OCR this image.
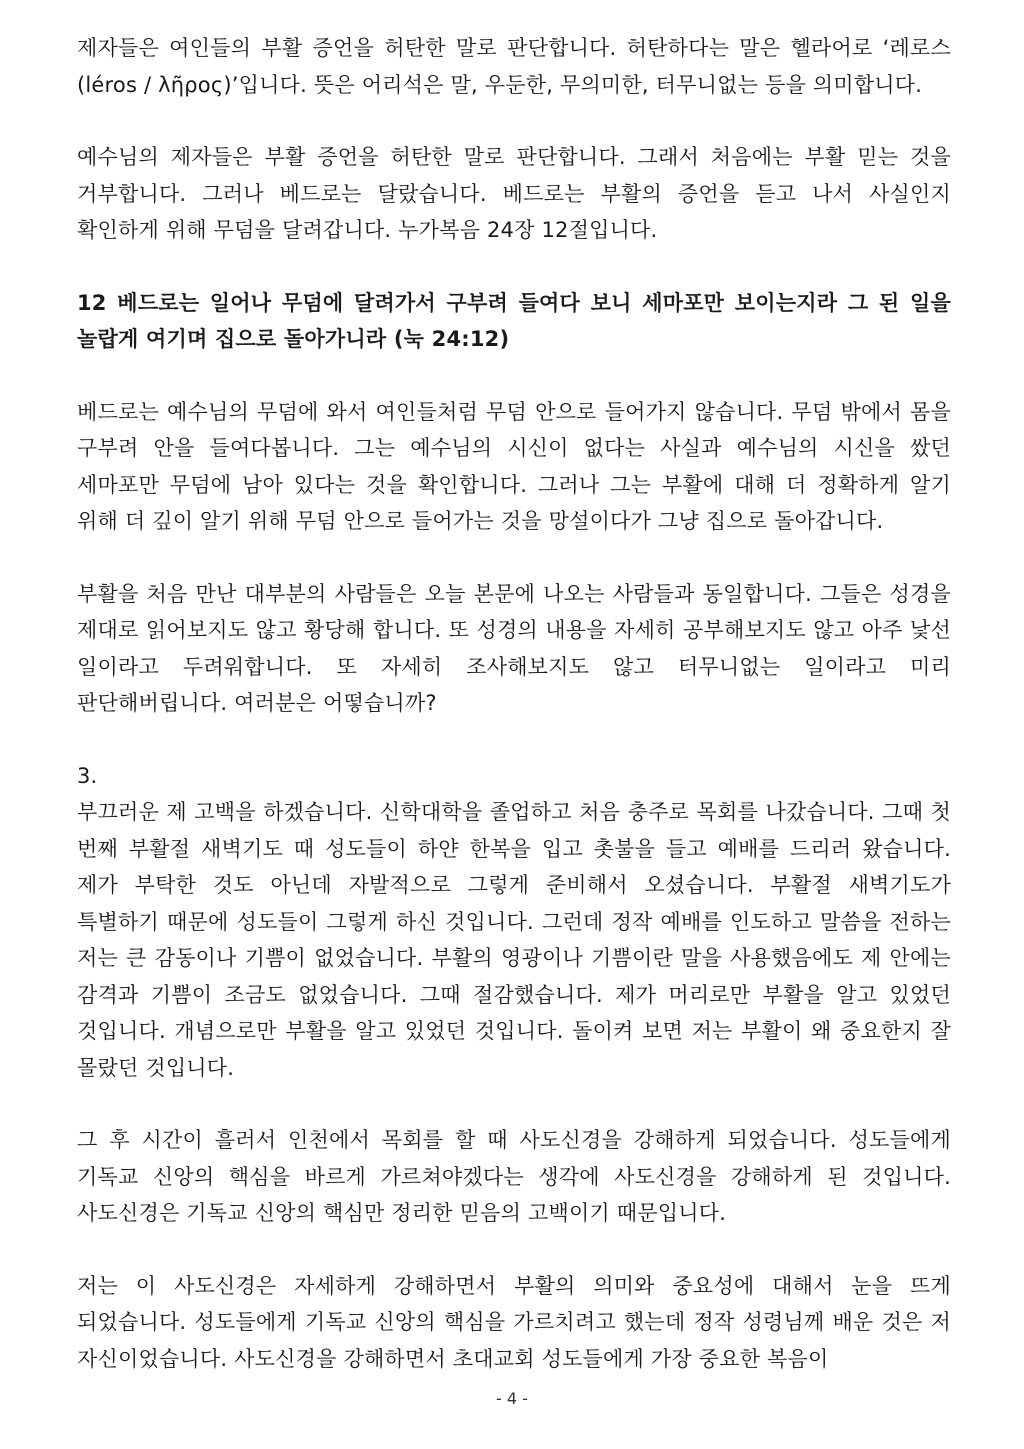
제자들은 여인들의 부활 증언을 허탄한 말로 판단합니다. 허탄하다는 말은 헬라어로 ‘레로스(léros / λῆρος)’입니다. 뜻은 어리석은 말, 우둔한, 무의미한, 터무니없는 등을 의미합니다.

예수님의 제자들은 부활 증언을 허탄한 말로 판단합니다. 그래서 처음에는 부활 믿는 것을 거부합니다. 그러나 베드로는 달랐습니다. 베드로는 부활의 증언을 듣고 나서 사실인지 확인하게 위해 무덤을 달려갑니다. 누가복음 24장 12절입니다.

12 베드로는 일어나 무덤에 달려가서 구부려 들여다 보니 세마포만 보이는지라 그 된 일을 놀랍게 여기며 집으로 돌아가니라 (눅 24:12)

베드로는 예수님의 무덤에 와서 여인들처럼 무덤 안으로 들어가지 않습니다. 무덤 밖에서 몸을 구부려 안을 들여다봅니다. 그는 예수님의 시신이 없다는 사실과 예수님의 시신을 쌌던 세마포만 무덤에 남아 있다는 것을 확인합니다. 그러나 그는 부활에 대해 더 정확하게 알기 위해 더 깊이 알기 위해 무덤 안으로 들어가는 것을 망설이다가 그냥 집으로 돌아갑니다.

부활을 처음 만난 대부분의 사람들은 오늘 본문에 나오는 사람들과 동일합니다. 그들은 성경을 제대로 읽어보지도 않고 황당해 합니다. 또 성경의 내용을 자세히 공부해보지도 않고 아주 낯선 일이라고 두려워합니다. 또 자세히 조사해보지도 않고 터무니없는 일이라고 미리 판단해버립니다. 여러분은 어떻습니까?

3.

부끄러운 제 고백을 하겠습니다. 신학대학을 졸업하고 처음 충주로 목회를 나갔습니다. 그때 첫 번째 부활절 새벽기도 때 성도들이 하얀 한복을 입고 촛불을 들고 예배를 드리러 왔습니다. 제가 부탁한 것도 아닌데 자발적으로 그렇게 준비해서 오셨습니다. 부활절 새벽기도가 특별하기 때문에 성도들이 그렇게 하신 것입니다. 그런데 정작 예배를 인도하고 말씀을 전하는 저는 큰 감동이나 기쁨이 없었습니다. 부활의 영광이나 기쁨이란 말을 사용했음에도 제 안에는 감격과 기쁨이 조금도 없었습니다. 그때 절감했습니다. 제가 머리로만 부활을 알고 있었던 것입니다. 개념으로만 부활을 알고 있었던 것입니다. 돌이켜 보면 저는 부활이 왜 중요한지 잘 몰랐던 것입니다.

그 후 시간이 흘러서 인천에서 목회를 할 때 사도신경을 강해하게 되었습니다. 성도들에게 기독교 신앙의 핵심을 바르게 가르쳐야겠다는 생각에 사도신경을 강해하게 된 것입니다. 사도신경은 기독교 신앙의 핵심만 정리한 믿음의 고백이기 때문입니다.

저는 이 사도신경은 자세하게 강해하면서 부활의 의미와 중요성에 대해서 눈을 뜨게 되었습니다. 성도들에게 기독교 신앙의 핵심을 가르치려고 했는데 정작 성령님께 배운 것은 저 자신이었습니다. 사도신경을 강해하면서 초대교회 성도들에게 가장 중요한 복음이

- 4 -
